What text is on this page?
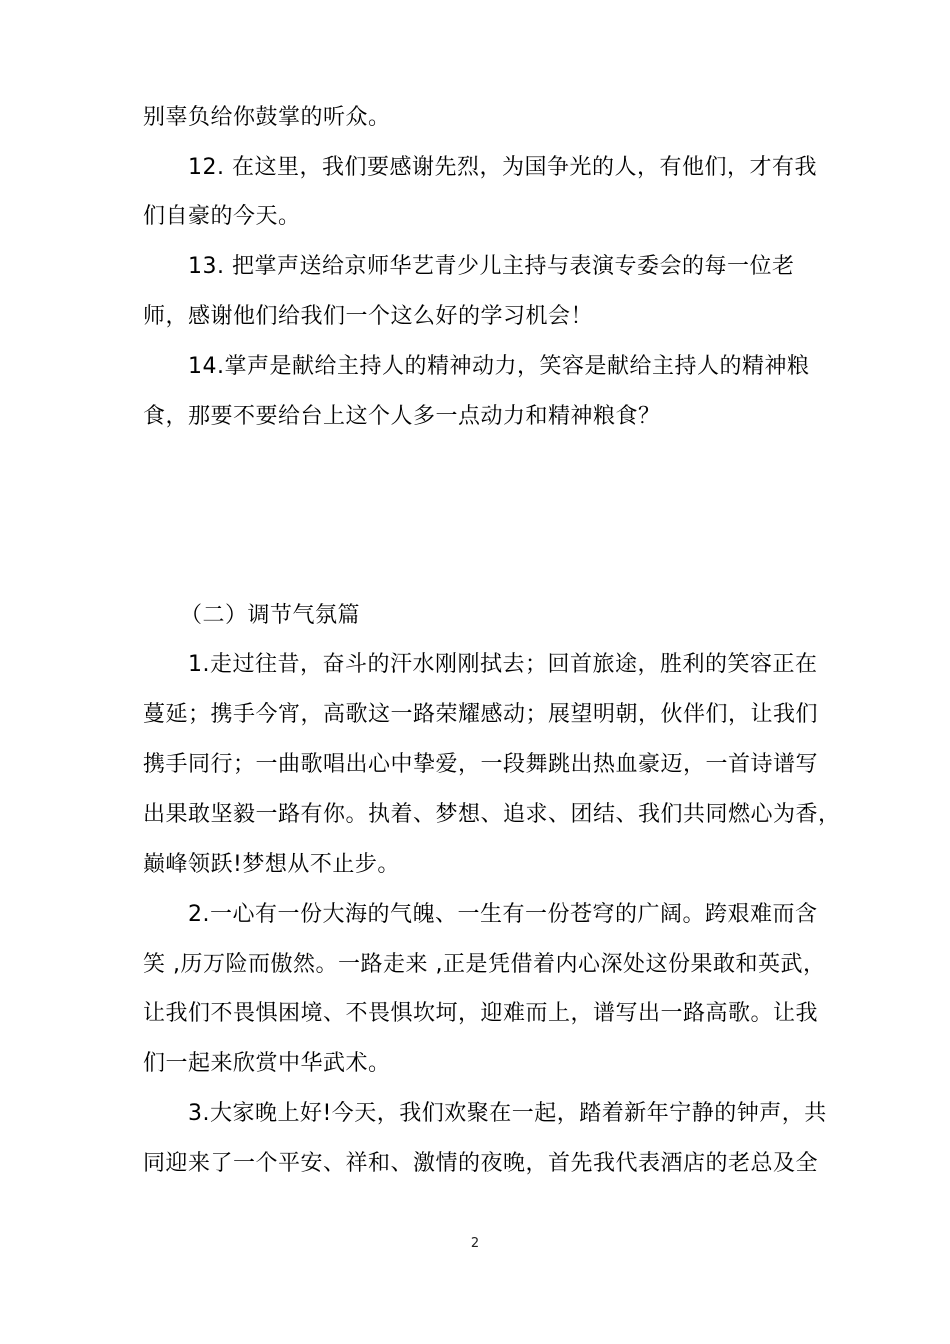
别辜负给你鼓掌的听众。
12. 在这里，我们要感谢先烈，为国争光的人，有他们，才有我
们自豪的今天。
13. 把掌声送给京师华艺青少儿主持与表演专委会的每一位老
师，感谢他们给我们一个这么好的学习机会！
14.掌声是献给主持人的精神动力，笑容是献给主持人的精神粮
食，那要不要给台上这个人多一点动力和精神粮食？
（二）调节气氛篇
1.走过往昔，奋斗的汗水刚刚拭去；回首旅途，胜利的笑容正在
蔓延；携手今宵，高歌这一路荣耀感动；展望明朝，伙伴们，让我们
携手同行；一曲歌唱出心中挚爱，一段舞跳出热血豪迈，一首诗谱写
出果敢坚毅一路有你。执着、梦想、追求、团结、我们共同燃心为香，
巅峰领跃!梦想从不止步。
2.一心有一份大海的气魄、一生有一份苍穹的广阔。跨艰难而含
笑 ,历万险而傲然。一路走来 ,正是凭借着内心深处这份果敢和英武，
让我们不畏惧困境、不畏惧坎坷，迎难而上，谱写出一路高歌。让我
们一起来欣赏中华武术。
3.大家晚上好!今天，我们欢聚在一起，踏着新年宁静的钟声，共
同迎来了一个平安、祥和、激情的夜晚，首先我代表酒店的老总及全
2
